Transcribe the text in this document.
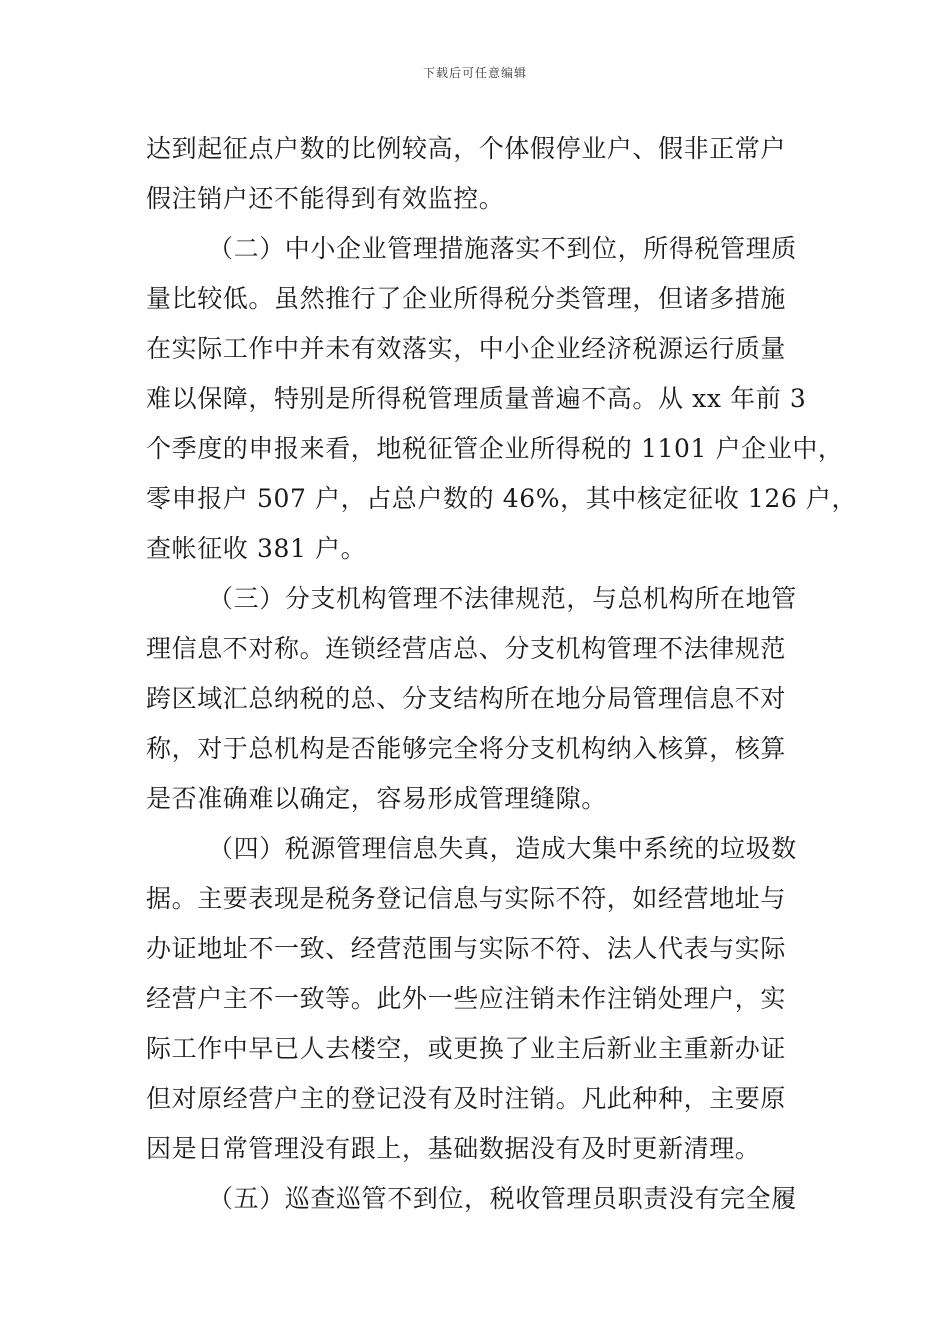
下载后可任意编辑
达到起征点户数的比例较高，个体假停业户、假非正常户
假注销户还不能得到有效监控。
（二）中小企业管理措施落实不到位，所得税管理质
量比较低。虽然推行了企业所得税分类管理，但诸多措施
在实际工作中并未有效落实，中小企业经济税源运行质量
难以保障，特别是所得税管理质量普遍不高。从 xx 年前 3
个季度的申报来看，地税征管企业所得税的 1101 户企业中，
零申报户 507 户，占总户数的 46%，其中核定征收 126 户，
查帐征收 381 户。
（三）分支机构管理不法律规范，与总机构所在地管
理信息不对称。连锁经营店总、分支机构管理不法律规范
跨区域汇总纳税的总、分支结构所在地分局管理信息不对
称，对于总机构是否能够完全将分支机构纳入核算，核算
是否准确难以确定，容易形成管理缝隙。
（四）税源管理信息失真，造成大集中系统的垃圾数
据。主要表现是税务登记信息与实际不符，如经营地址与
办证地址不一致、经营范围与实际不符、法人代表与实际
经营户主不一致等。此外一些应注销未作注销处理户，实
际工作中早已人去楼空，或更换了业主后新业主重新办证
但对原经营户主的登记没有及时注销。凡此种种，主要原
因是日常管理没有跟上，基础数据没有及时更新清理。
（五）巡查巡管不到位，税收管理员职责没有完全履
